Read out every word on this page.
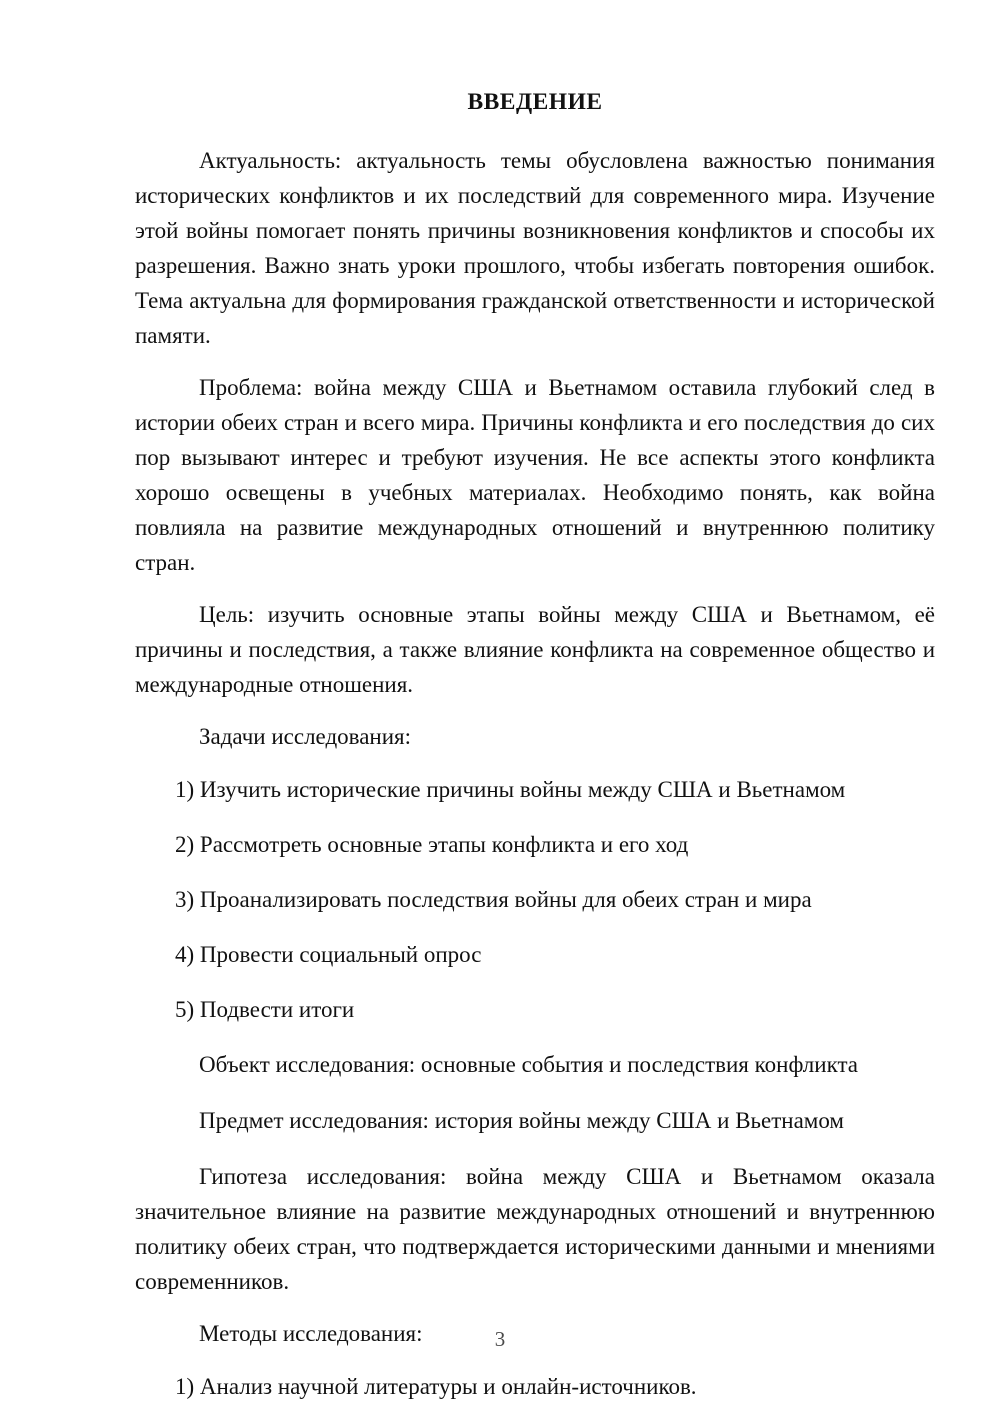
ВВЕДЕНИЕ

Актуальность: актуальность темы обусловлена важностью понимания исторических конфликтов и их последствий для современного мира. Изучение этой войны помогает понять причины возникновения конфликтов и способы их разрешения. Важно знать уроки прошлого, чтобы избегать повторения ошибок. Тема актуальна для формирования гражданской ответственности и исторической памяти.

Проблема: война между США и Вьетнамом оставила глубокий след в истории обеих стран и всего мира. Причины конфликта и его последствия до сих пор вызывают интерес и требуют изучения. Не все аспекты этого конфликта хорошо освещены в учебных материалах. Необходимо понять, как война повлияла на развитие международных отношений и внутреннюю политику стран.

Цель: изучить основные этапы войны между США и Вьетнамом, её причины и последствия, а также влияние конфликта на современное общество и международные отношения.

Задачи исследования:

1) Изучить исторические причины войны между США и Вьетнамом
2) Рассмотреть основные этапы конфликта и его ход
3) Проанализировать последствия войны для обеих стран и мира
4) Провести социальный опрос
5) Подвести итоги

Объект исследования: основные события и последствия конфликта

Предмет исследования: история войны между США и Вьетнамом

Гипотеза исследования: война между США и Вьетнамом оказала значительное влияние на развитие международных отношений и внутреннюю политику обеих стран, что подтверждается историческими данными и мнениями современников.

Методы исследования:

1) Анализ научной литературы и онлайн-источников.
3
